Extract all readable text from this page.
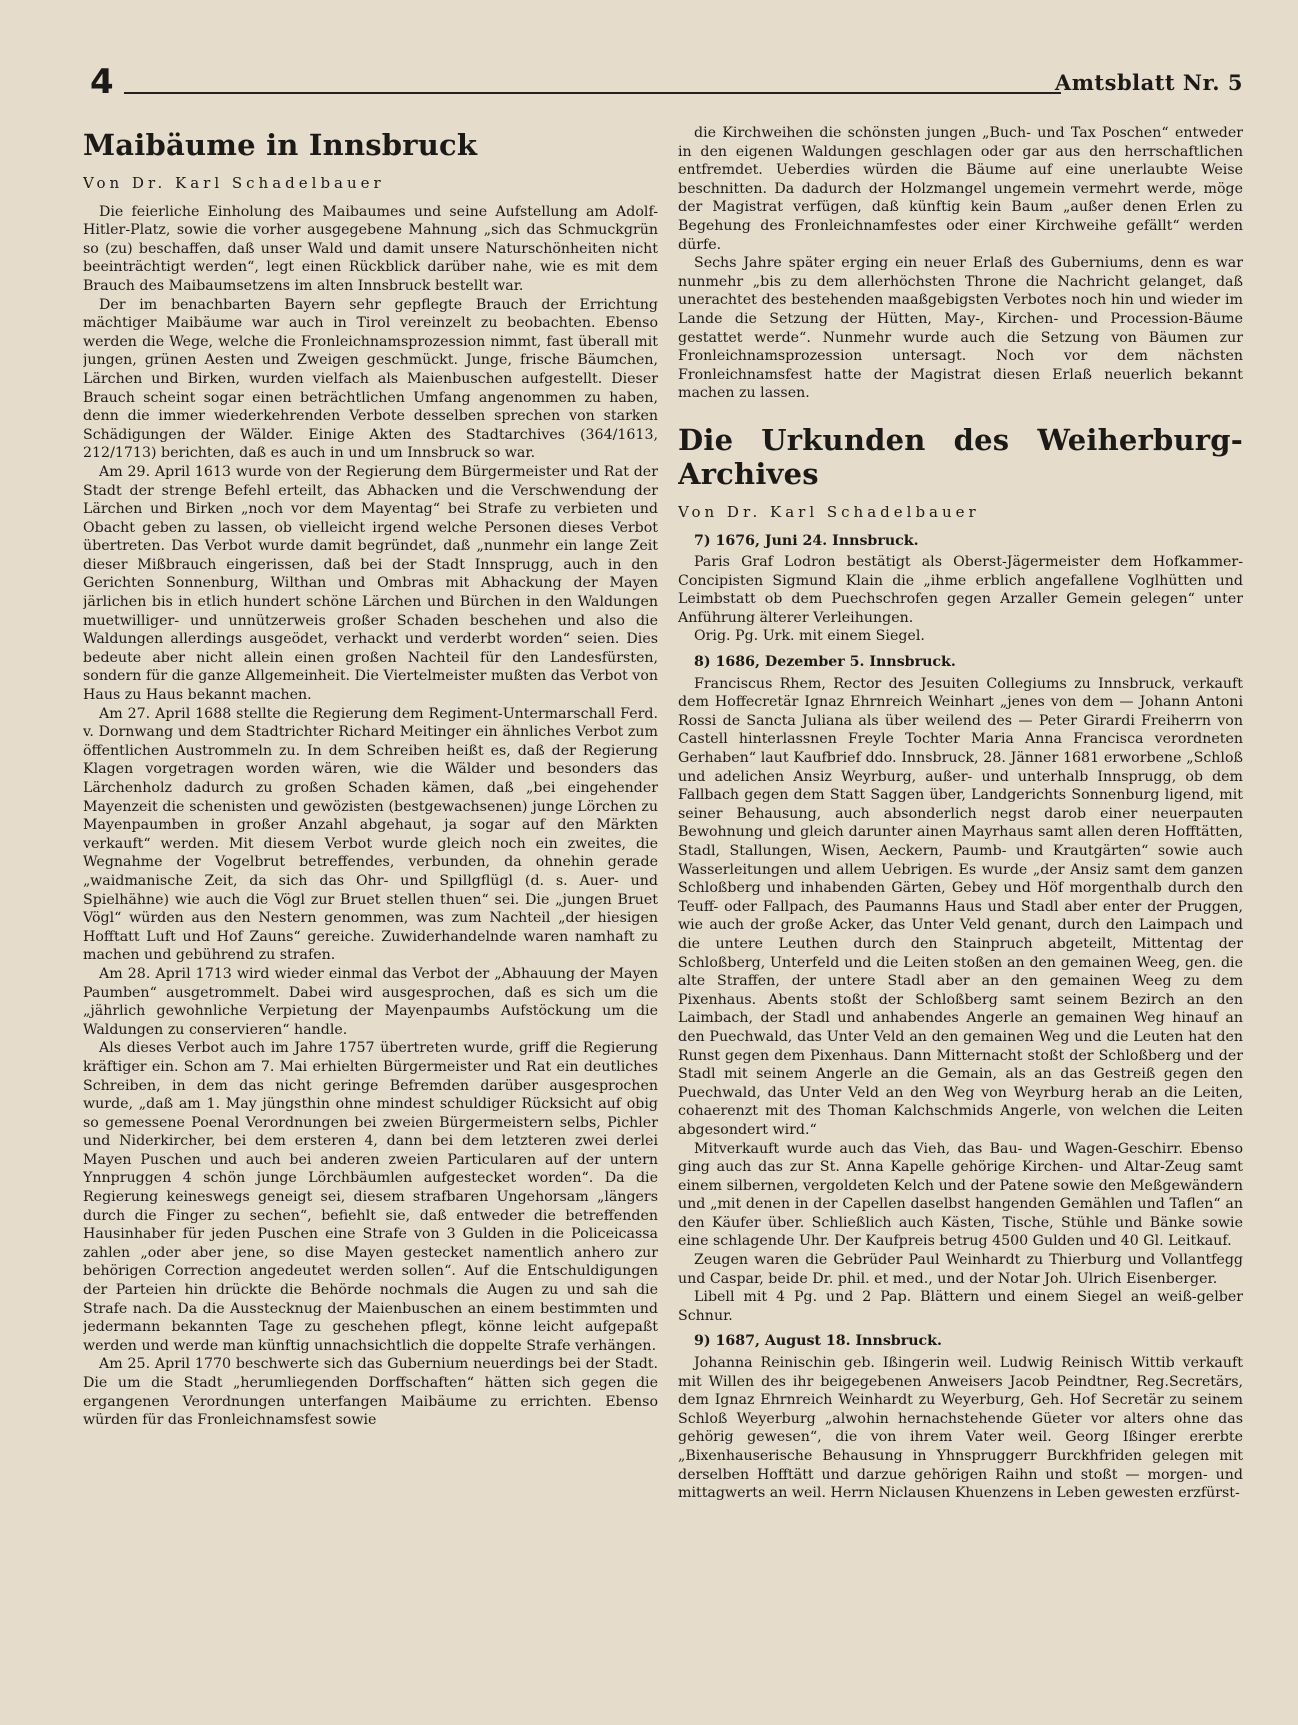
4	Amtsblatt Nr. 5
Maibäume in Innsbruck
Von Dr. Karl Schadelbauer

Die feierliche Einholung des Maibaumes und seine Aufstellung am Adolf-Hitler-Platz, sowie die vorher ausgegebene Mahnung „sich das Schmuckgrün so (zu) beschaffen, daß unser Wald und damit unsere Naturschönheiten nicht beeinträchtigt werden“, legt einen Rückblick darüber nahe, wie es mit dem Brauch des Maibaumsetzens im alten Innsbruck bestellt war.

Der im benachbarten Bayern sehr gepflegte Brauch der Errichtung mächtiger Maibäume war auch in Tirol vereinzelt zu beobachten. Ebenso werden die Wege, welche die Fronleichnamsprozession nimmt, fast überall mit jungen, grünen Aesten und Zweigen geschmückt. Junge, frische Bäumchen, Lärchen und Birken, wurden vielfach als Maienbuschen aufgestellt. Dieser Brauch scheint sogar einen beträchtlichen Umfang angenommen zu haben, denn die immer wiederkehrenden Verbote desselben sprechen von starken Schädigungen der Wälder. Einige Akten des Stadtarchives (364/1613, 212/1713) berichten, daß es auch in und um Innsbruck so war.

Am 29. April 1613 wurde von der Regierung dem Bürgermeister und Rat der Stadt der strenge Befehl erteilt, das Abhacken und die Verschwendung der Lärchen und Birken „noch vor dem Mayentag“ bei Strafe zu verbieten und Obacht geben zu lassen, ob vielleicht irgend welche Personen dieses Verbot übertreten. Das Verbot wurde damit begründet, daß „nunmehr ein lange Zeit dieser Mißbrauch eingerissen, daß bei der Stadt Innsprugg, auch in den Gerichten Sonnenburg, Wilthan und Ombras mit Abhackung der Mayen järlichen bis in etlich hundert schöne Lärchen und Bürchen in den Waldungen muetwilliger- und unnützerweis großer Schaden beschehen und also die Waldungen allerdings ausgeödet, verhackt und verderbt worden“ seien. Dies bedeute aber nicht allein einen großen Nachteil für den Landesfürsten, sondern für die ganze Allgemeinheit. Die Viertelmeister mußten das Verbot von Haus zu Haus bekannt machen.

Am 27. April 1688 stellte die Regierung dem Regiment-Untermarschall Ferd. v. Dornwang und dem Stadtrichter Richard Meitinger ein ähnliches Verbot zum öffentlichen Austrommeln zu. In dem Schreiben heißt es, daß der Regierung Klagen vorgetragen worden wären, wie die Wälder und besonders das Lärchenholz dadurch zu großen Schaden kämen, daß „bei eingehender Mayenzeit die schenisten und gewözisten (bestgewachsenen) junge Lörchen zu Mayenpaumben in großer Anzahl abgehaut, ja sogar auf den Märkten verkauft“ werden. Mit diesem Verbot wurde gleich noch ein zweites, die Wegnahme der Vogelbrut betreffendes, verbunden, da ohnehin gerade „waidmanische Zeit, da sich das Ohr- und Spillgflügl (d. s. Auer- und Spielhähne) wie auch die Vögl zur Bruet stellen thuen“ sei. Die „jungen Bruet Vögl“ würden aus den Nestern genommen, was zum Nachteil „der hiesigen Hofftatt Luft und Hof Zauns“ gereiche. Zuwiderhandelnde waren namhaft zu machen und gebührend zu strafen.

Am 28. April 1713 wird wieder einmal das Verbot der „Abhauung der Mayen Paumben“ ausgetrommelt. Dabei wird ausgesprochen, daß es sich um die „jährlich gewohnliche Verpietung der Mayenpaumbs Aufstöckung um die Waldungen zu conservieren“ handle.

Als dieses Verbot auch im Jahre 1757 übertreten wurde, griff die Regierung kräftiger ein. Schon am 7. Mai erhielten Bürgermeister und Rat ein deutliches Schreiben, in dem das nicht geringe Befremden darüber ausgesprochen wurde, „daß am 1. May jüngsthin ohne mindest schuldiger Rücksicht auf obig so gemessene Poenal Verordnungen bei zweien Bürgermeistern selbs, Pichler und Niderkircher, bei dem ersteren 4, dann bei dem letzteren zwei derlei Mayen Puschen und auch bei anderen zweien Particularen auf der untern Ynnpruggen 4 schön junge Lörchbäumlen aufgestecket worden“. Da die Regierung keineswegs geneigt sei, diesem strafbaren Ungehorsam „längers durch die Finger zu sechen“, befiehlt sie, daß entweder die betreffenden Hausinhaber für jeden Puschen eine Strafe von 3 Gulden in die Policeicassa zahlen „oder aber jene, so dise Mayen gestecket namentlich anhero zur behörigen Correction angedeutet werden sollen“. Auf die Entschuldigungen der Parteien hin drückte die Behörde nochmals die Augen zu und sah die Strafe nach. Da die Ausstecknug der Maienbuschen an einem bestimmten und jedermann bekannten Tage zu geschehen pflegt, könne leicht aufgepaßt werden und werde man künftig unnachsichtlich die doppelte Strafe verhängen.

Am 25. April 1770 beschwerte sich das Gubernium neuerdings bei der Stadt. Die um die Stadt „herumliegenden Dorffschaften“ hätten sich gegen die ergangenen Verordnungen unterfangen Maibäume zu errichten. Ebenso würden für das Fronleichnamsfest sowie

die Kirchweihen die schönsten jungen „Buch- und Tax Poschen“ entweder in den eigenen Waldungen geschlagen oder gar aus den herrschaftlichen entfremdet. Ueberdies würden die Bäume auf eine unerlaubte Weise beschnitten. Da dadurch der Holzmangel ungemein vermehrt werde, möge der Magistrat verfügen, daß künftig kein Baum „außer denen Erlen zu Begehung des Fronleichnamfestes oder einer Kirchweihe gefällt“ werden dürfe.

Sechs Jahre später erging ein neuer Erlaß des Guberniums, denn es war nunmehr „bis zu dem allerhöchsten Throne die Nachricht gelanget, daß unerachtet des bestehenden maaßgebigsten Verbotes noch hin und wieder im Lande die Setzung der Hütten, May-, Kirchen- und Procession-Bäume gestattet werde“. Nunmehr wurde auch die Setzung von Bäumen zur Fronleichnamsprozession untersagt. Noch vor dem nächsten Fronleichnamsfest hatte der Magistrat diesen Erlaß neuerlich bekannt machen zu lassen.

Die Urkunden des Weiherburg-Archives
Von Dr. Karl Schadelbauer
7) 1676, Juni 24. Innsbruck.

Paris Graf Lodron bestätigt als Oberst-Jägermeister dem Hofkammer-Concipisten Sigmund Klain die „ihme erblich angefallene Voglhütten und Leimbstatt ob dem Puechschrofen gegen Arzaller Gemein gelegen“ unter Anführung älterer Verleihungen.

Orig. Pg. Urk. mit einem Siegel.

8) 1686, Dezember 5. Innsbruck.

Franciscus Rhem, Rector des Jesuiten Collegiums zu Innsbruck, verkauft dem Hoffecretär Ignaz Ehrnreich Weinhart „jenes von dem — Johann Antoni Rossi de Sancta Juliana als über weilend des — Peter Girardi Freiherrn von Castell hinterlassnen Freyle Tochter Maria Anna Francisca verordneten Gerhaben“ laut Kaufbrief ddo. Innsbruck, 28. Jänner 1681 erworbene „Schloß und adelichen Ansiz Weyrburg, außer- und unterhalb Innsprugg, ob dem Fallbach gegen dem Statt Saggen über, Landgerichts Sonnenburg ligend, mit seiner Behausung, auch absonderlich negst darob einer neuerpauten Bewohnung und gleich darunter ainen Mayrhaus samt allen deren Hofftätten, Stadl, Stallungen, Wisen, Aeckern, Paumb- und Krautgärten“ sowie auch Wasserleitungen und allem Uebrigen. Es wurde „der Ansiz samt dem ganzen Schloßberg und inhabenden Gärten, Gebey und Höf morgenthalb durch den Teuff- oder Fallpach, des Paumanns Haus und Stadl aber enter der Pruggen, wie auch der große Acker, das Unter Veld genant, durch den Laimpach und die untere Leuthen durch den Stainpruch abgeteilt, Mittentag der Schloßberg, Unterfeld und die Leiten stoßen an den gemainen Weeg, gen. die alte Straffen, der untere Stadl aber an den gemainen Weeg zu dem Pixenhaus. Abents stoßt der Schloßberg samt seinem Bezirch an den Laimbach, der Stadl und anhabendes Angerle an gemainen Weg hinauf an den Puechwald, das Unter Veld an den gemainen Weg und die Leuten hat den Runst gegen dem Pixenhaus. Dann Mitternacht stoßt der Schloßberg und der Stadl mit seinem Angerle an die Gemain, als an das Gestreiß gegen den Puechwald, das Unter Veld an den Weg von Weyrburg herab an die Leiten, cohaerenzt mit des Thoman Kalchschmids Angerle, von welchen die Leiten abgesondert wird.“

Mitverkauft wurde auch das Vieh, das Bau- und Wagen-Geschirr. Ebenso ging auch das zur St. Anna Kapelle gehörige Kirchen- und Altar-Zeug samt einem silbernen, vergoldeten Kelch und der Patene sowie den Meßgewändern und „mit denen in der Capellen daselbst hangenden Gemählen und Taflen“ an den Käufer über. Schließlich auch Kästen, Tische, Stühle und Bänke sowie eine schlagende Uhr. Der Kaufpreis betrug 4500 Gulden und 40 Gl. Leitkauf.

Zeugen waren die Gebrüder Paul Weinhardt zu Thierburg und Vollantfegg und Caspar, beide Dr. phil. et med., und der Notar Joh. Ulrich Eisenberger.

Libell mit 4 Pg. und 2 Pap. Blättern und einem Siegel an weiß-gelber Schnur.

9) 1687, August 18. Innsbruck.

Johanna Reinischin geb. Ißingerin weil. Ludwig Reinisch Wittib verkauft mit Willen des ihr beigegebenen Anweisers Jacob Peindtner, Reg.Secretärs, dem Ignaz Ehrnreich Weinhardt zu Weyerburg, Geh. Hof Secretär zu seinem Schloß Weyerburg „alwohin hernachstehende Güeter vor alters ohne das gehörig gewesen“, die von ihrem Vater weil. Georg Ißinger ererbte „Bixenhauserische Behausung in Yhnspruggerr Burckhfriden gelegen mit derselben Hofftätt und darzue gehörigen Raihn und stoßt — morgen- und mittagwerts an weil. Herrn Niclausen Khuenzens in Leben gewesten erzfürst-
